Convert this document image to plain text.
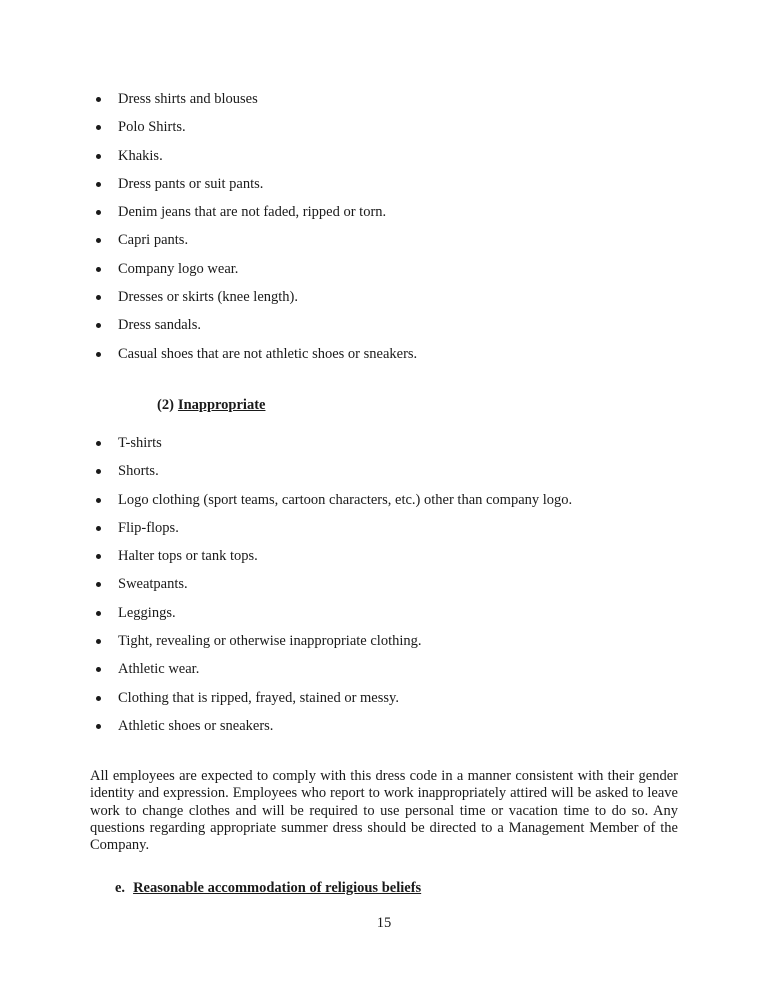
Dress shirts and blouses
Polo Shirts.
Khakis.
Dress pants or suit pants.
Denim jeans that are not faded, ripped or torn.
Capri pants.
Company logo wear.
Dresses or skirts (knee length).
Dress sandals.
Casual shoes that are not athletic shoes or sneakers.
(2) Inappropriate
T-shirts
Shorts.
Logo clothing (sport teams, cartoon characters, etc.) other than company logo.
Flip-flops.
Halter tops or tank tops.
Sweatpants.
Leggings.
Tight, revealing or otherwise inappropriate clothing.
Athletic wear.
Clothing that is ripped, frayed, stained or messy.
Athletic shoes or sneakers.

All employees are expected to comply with this dress code in a manner consistent with their gender identity and expression. Employees who report to work inappropriately attired will be asked to leave work to change clothes and will be required to use personal time or vacation time to do so. Any questions regarding appropriate summer dress should be directed to a Management Member of the Company.

e. Reasonable accommodation of religious beliefs
15
